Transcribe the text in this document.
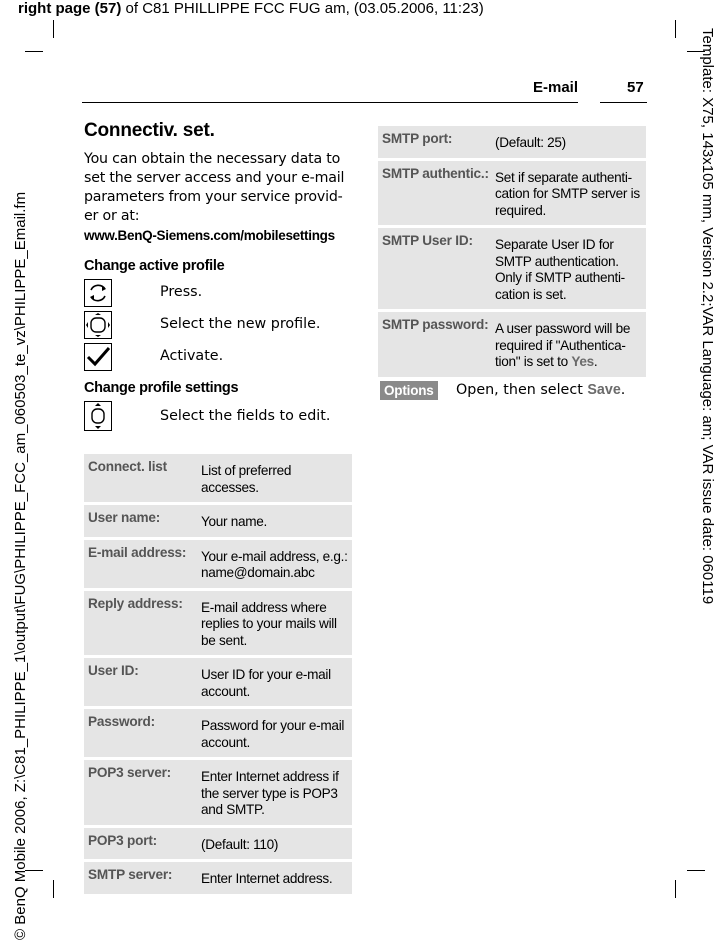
right page (57) of C81 PHILLIPPE FCC FUG am, (03.05.2006, 11:23)
© BenQ Mobile 2006, Z:\C81_PHILIPPE_1\output\FUG\PHILIPPE_FCC_am_060503_te_vz\PHILIPPE_Email.fm	Template: X75, 143x105 mm, Version 2.2;VAR Language: am; VAR issue date: 060119
E-mail	57
Connectiv. set.

You can obtain the necessary data to
set the server access and your e-mail
parameters from your service provid-
er or at:

www.BenQ-Siemens.com/mobilesettings

Change active profile

Press.
Select the new profile.
Activate.

Change profile settings

Select the fields to edit.
Connect. list	List of preferred accesses.
User name:	Your name.
E-mail address:	Your e-mail address, e.g.: name@domain.abc
Reply address:	E-mail address where replies to your mails will be sent.
User ID:	User ID for your e-mail account.
Password:	Password for your e-mail account.
POP3 server:	Enter Internet address if the server type is POP3 and SMTP.
POP3 port:	(Default: 110)
SMTP server:	Enter Internet address.
SMTP port:	(Default: 25)
SMTP authentic.:	Set if separate authenti-cation for SMTP server is required.
SMTP User ID:	Separate User ID for SMTP authentication. Only if SMTP authenti-cation is set.
SMTP password:	A user password will be required if "Authentica-tion" is set to Yes.
Options Open, then select Save.
